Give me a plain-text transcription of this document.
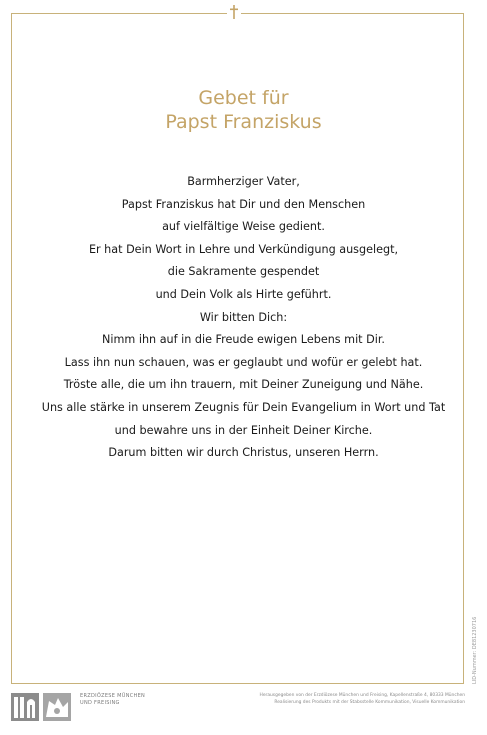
Gebet für
Papst Franziskus
Barmherziger Vater,
Papst Franziskus hat Dir und den Menschen
auf vielfältige Weise gedient.
Er hat Dein Wort in Lehre und Verkündigung ausgelegt,
die Sakramente gespendet
und Dein Volk als Hirte geführt.
Wir bitten Dich:
Nimm ihn auf in die Freude ewigen Lebens mit Dir.
Lass ihn nun schauen, was er geglaubt und wofür er gelebt hat.
Tröste alle, die um ihn trauern, mit Deiner Zuneigung und Nähe.
Uns alle stärke in unserem Zeugnis für Dein Evangelium in Wort und Tat
und bewahre uns in der Einheit Deiner Kirche.
Darum bitten wir durch Christus, unseren Herrn.
LID-Nummer: DE81230716
ERZDIÖZESE MÜNCHEN
UND FREISING
Herausgegeben von der Erzdiözese München und Freising, Kapellenstraße 4, 80333 München
Realisierung des Produkts mit der Stabsstelle Kommunikation, Visuelle Kommunikation
